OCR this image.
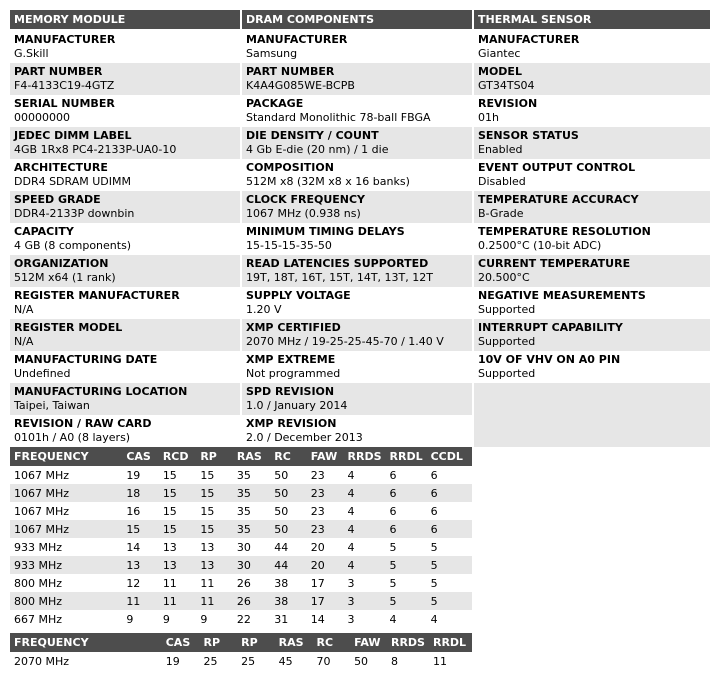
MEMORY MODULE
MANUFACTURER
G.Skill
PART NUMBER
F4-4133C19-4GTZ
SERIAL NUMBER
00000000
JEDEC DIMM LABEL
4GB 1Rx8 PC4-2133P-UA0-10
ARCHITECTURE
DDR4 SDRAM UDIMM
SPEED GRADE
DDR4-2133P downbin
CAPACITY
4 GB (8 components)
ORGANIZATION
512M x64 (1 rank)
REGISTER MANUFACTURER
N/A
REGISTER MODEL
N/A
MANUFACTURING DATE
Undefined
MANUFACTURING LOCATION
Taipei, Taiwan
REVISION / RAW CARD
0101h / A0 (8 layers)
DRAM COMPONENTS
MANUFACTURER
Samsung
PART NUMBER
K4A4G085WE-BCPB
PACKAGE
Standard Monolithic 78-ball FBGA
DIE DENSITY / COUNT
4 Gb E-die (20 nm) / 1 die
COMPOSITION
512M x8 (32M x8 x 16 banks)
CLOCK FREQUENCY
1067 MHz (0.938 ns)
MINIMUM TIMING DELAYS
15-15-15-35-50
READ LATENCIES SUPPORTED
19T, 18T, 16T, 15T, 14T, 13T, 12T
SUPPLY VOLTAGE
1.20 V
XMP CERTIFIED
2070 MHz / 19-25-25-45-70 / 1.40 V
XMP EXTREME
Not programmed
SPD REVISION
1.0 / January 2014
XMP REVISION
2.0 / December 2013
THERMAL SENSOR
MANUFACTURER
Giantec
MODEL
GT34TS04
REVISION
01h
SENSOR STATUS
Enabled
EVENT OUTPUT CONTROL
Disabled
TEMPERATURE ACCURACY
B-Grade
TEMPERATURE RESOLUTION
0.2500°C (10-bit ADC)
CURRENT TEMPERATURE
20.500°C
NEGATIVE MEASUREMENTS
Supported
INTERRUPT CAPABILITY
Supported
10V OF VHV ON A0 PIN
Supported
FREQUENCY	CAS	RCD	RP	RAS	RC	FAW	RRDS	RRDL	CCDL
1067 MHz	19	15	15	35	50	23	4	6	6
1067 MHz	18	15	15	35	50	23	4	6	6
1067 MHz	16	15	15	35	50	23	4	6	6
1067 MHz	15	15	15	35	50	23	4	6	6
933 MHz	14	13	13	30	44	20	4	5	5
933 MHz	13	13	13	30	44	20	4	5	5
800 MHz	12	11	11	26	38	17	3	5	5
800 MHz	11	11	11	26	38	17	3	5	5
667 MHz	9	9	9	22	31	14	3	4	4
FREQUENCY	CAS	RP	RP	RAS	RC	FAW	RRDS	RRDL
2070 MHz	19	25	25	45	70	50	8	11
